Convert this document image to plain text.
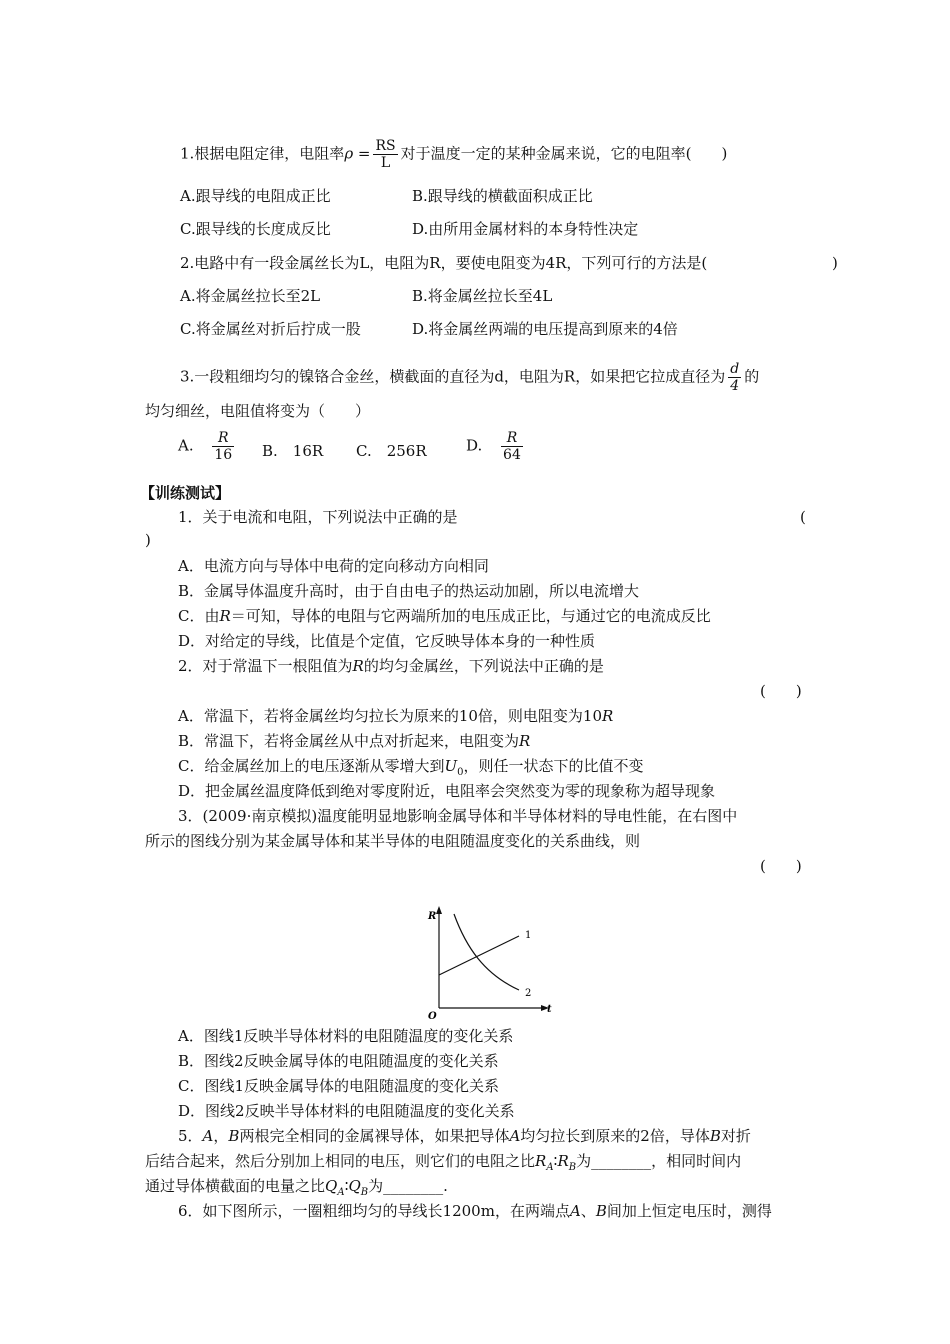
1.根据电阻定律，电阻率$\rho = \frac{RS}{L}$ 对于温度一定的某种金属来说，它的电阻率(　　)
A.跟导线的电阻成正比	B.跟导线的横截面积成正比
C.跟导线的长度成反比	D.由所用金属材料的本身特性决定
2.电路中有一段金属丝长为L，电阻为R，要使电阻变为4R，下列可行的方法是(	)
A.将金属丝拉长至2L	B.将金属丝拉长至4L
C.将金属丝对折后拧成一股	D.将金属丝两端的电压提高到原来的4倍
3.一段粗细均匀的镍铬合金丝，横截面的直径为d，电阻为R，如果把它拉成直径为 $\frac{d}{4}$ 的
均匀细丝，电阻值将变为（　　）
A. $\frac{R}{16} B$.　16R C.　256R	D. $\frac{R}{64}$
【训练测试】
1．关于电流和电阻，下列说法中正确的是	(
)
A．电流方向与导体中电荷的定向移动方向相同
B．金属导体温度升高时，由于自由电子的热运动加剧，所以电流增大
C．由R＝可知，导体的电阻与它两端所加的电压成正比，与通过它的电流成反比
D．对给定的导线，比值是个定值，它反映导体本身的一种性质
2．对于常温下一根阻值为R的均匀金属丝，下列说法中正确的是
(　　)
A．常温下，若将金属丝均匀拉长为原来的10倍，则电阻变为10R
B．常温下，若将金属丝从中点对折起来，电阻变为R
C．给金属丝加上的电压逐渐从零增大到$U_0$，则任一状态下的比值不变
D．把金属丝温度降低到绝对零度附近，电阻率会突然变为零的现象称为超导现象
3．(2009·南京模拟)温度能明显地影响金属导体和半导体材料的导电性能，在右图中
所示的图线分别为某金属导体和某半导体的电阻随温度变化的关系曲线，则
(　　)
R
t
O
1
2
A．图线1反映半导体材料的电阻随温度的变化关系
B．图线2反映金属导体的电阻随温度的变化关系
C．图线1反映金属导体的电阻随温度的变化关系
D．图线2反映半导体材料的电阻随温度的变化关系
5．A，B两根完全相同的金属裸导体，如果把导体A均匀拉长到原来的2倍，导体B对折
后结合起来，然后分别加上相同的电压，则它们的电阻之比$R_A∶R_B$为________，相同时间内
通过导体横截面的电量之比$Q_A∶Q_B$为________.
6．如下图所示，一圈粗细均匀的导线长1200m，在两端点A、B间加上恒定电压时，测得
